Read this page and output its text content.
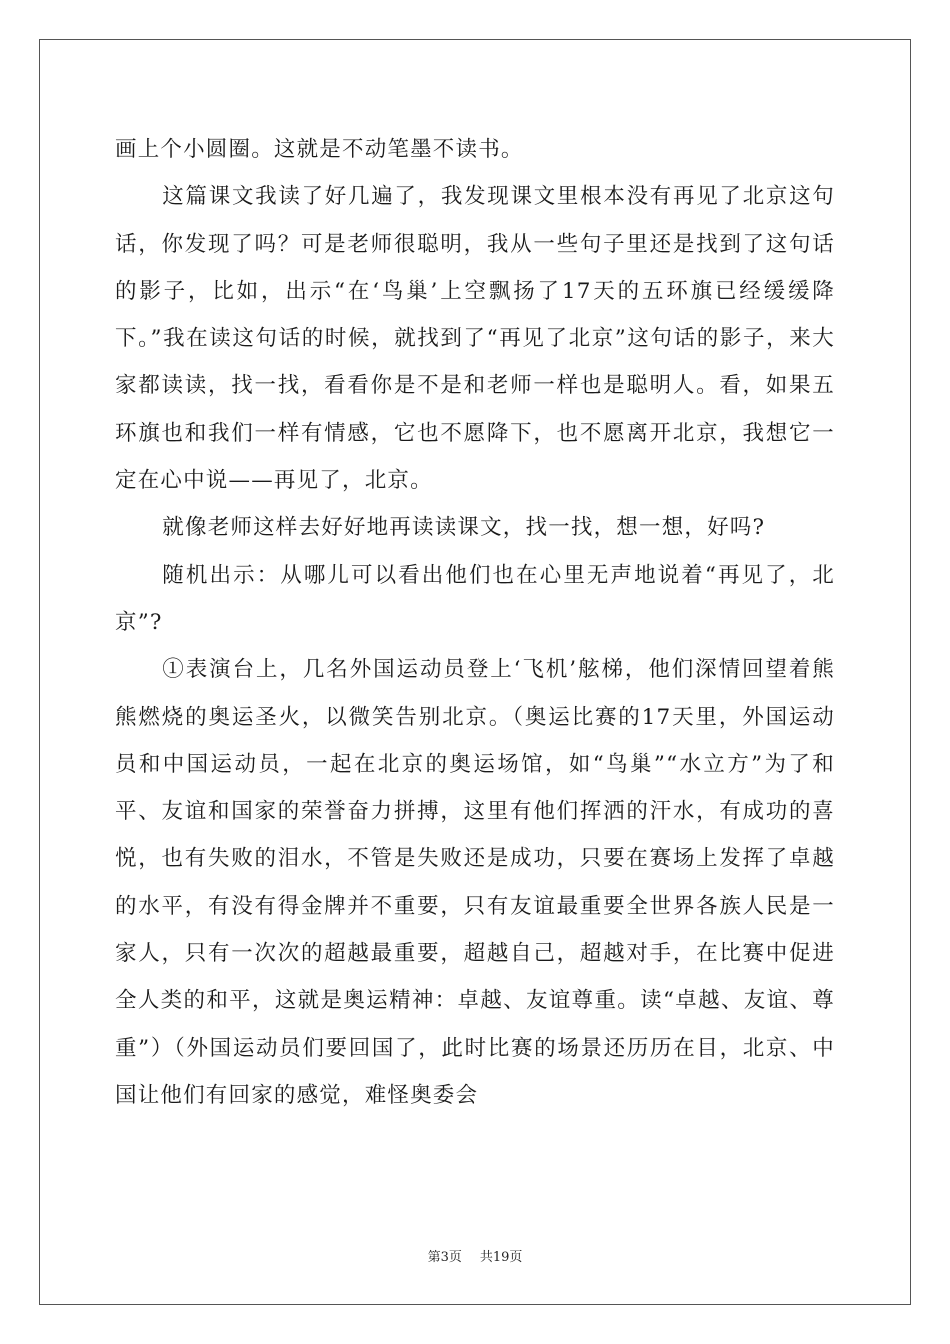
画上个小圆圈。这就是不动笔墨不读书。

这篇课文我读了好几遍了，我发现课文里根本没有再见了北京这句话，你发现了吗？可是老师很聪明，我从一些句子里还是找到了这句话的影子，比如，出示“在‘鸟巢’上空飘扬了17天的五环旗已经缓缓降下。”我在读这句话的时候，就找到了“再见了北京”这句话的影子，来大家都读读，找一找，看看你是不是和老师一样也是聪明人。看，如果五环旗也和我们一样有情感，它也不愿降下，也不愿离开北京，我想它一定在心中说——再见了，北京。

就像老师这样去好好地再读读课文，找一找，想一想，好吗?

随机出示：从哪儿可以看出他们也在心里无声地说着“再见了，北京”?

①表演台上，几名外国运动员登上‘飞机’舷梯，他们深情回望着熊熊燃烧的奥运圣火，以微笑告别北京。（奥运比赛的17天里，外国运动员和中国运动员，一起在北京的奥运场馆，如“鸟巢”“水立方”为了和平、友谊和国家的荣誉奋力拼搏，这里有他们挥洒的汗水，有成功的喜悦，也有失败的泪水，不管是失败还是成功，只要在赛场上发挥了卓越的水平，有没有得金牌并不重要，只有友谊最重要全世界各族人民是一家人，只有一次次的超越最重要，超越自己，超越对手，在比赛中促进全人类的和平，这就是奥运精神：卓越、友谊尊重。读“卓越、友谊、尊重”）（外国运动员们要回国了，此时比赛的场景还历历在目，北京、中国让他们有回家的感觉，难怪奥委会

第3页 共19页
